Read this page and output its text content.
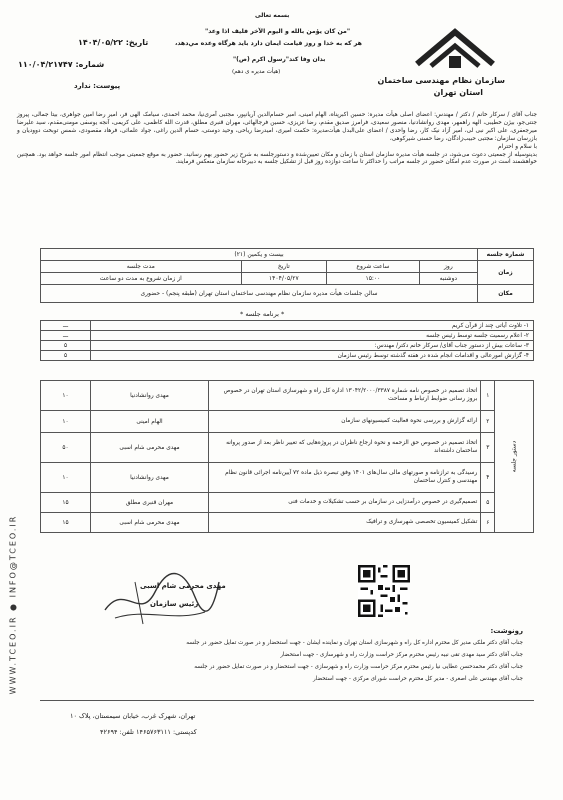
WWW.TCEO.IR ● INFO@TCEO.IR
سازمان نظام مهندسی ساختمان
استان تهران
بسمه تعالی
"من كان يؤمن بالله و اليوم الآخر فليف اذا وعد"
هر كه به خدا و روز قيامت ايمان دارد بايد هرگاه وعده مي‌دهد،
بدان وفا كند"رسول اكرم (ص)"
(هيأت مديره ی دهم)
تاریخ: ۱۴۰۴/۰۵/۲۲
شماره: ۱۱۰/۰۴/۲۱۷۴۷
پیوست: ندارد
جناب آقای / سرکار خانم / دکتر / مهندس: اعضای اصلی هیأت مدیره: حسین اکبرپناه، الهام امینی، امیر حسام‌الدین آریانپور، مجتبی آمری‌نیا، محمد احمدی، سیامک الهی فر، امیر رضا امین جواهری، بیتا جمالی، پیروز جنتی‌جو، بیژن خطیبی، الهه راهمهر، مهدی روانشادنیا، منصور سعیدی، فرامرز صدیق مقدم، رضا عزیزی، حسین فرجالهائی، مهران قنبری مطلق، قدرت الله کاظمی، علی کریمی، آنجه یوسفی مومنی‌مقدم، سید علیرضا میرجعفری، علی اکبر نبی لی، امیر آزاد نیک کار، رضا واحدی / اعضای علی‌البدل هیأت‌مدیره: حکمت امیری، امیدرضا ریاحی، وحید دوستی، حسام الدین راغی، جواد علمائی، فرهاد مقصودی، شمس توبخت دوودیان و بازرسان سازمان: مجتبی حبیب‌زادگان، رضا حسنی شیرکوهی،
با سلام و احترام
بدینوسیله از جمعیتی دعوت می‌شود، در جلسه هیأت مدیره سازمان استان با زمان و مکان تعیین‌شده و دستورجلسه به شرح زیر حضور بهم رسانید. حضور به موقع جمعیتی موجب انتظام امور جلسه خواهد بود. همچنین خواهشمند است در صورت عدم امکان حضور در جلسه مراتب را حداکثر تا ساعت دوازده روز قبل از تشکیل جلسه به دبیرخانه سازمان منعکس فرمایند.
شماره جلسه	بیست و یکمین (۲۱)			
زمان	روز	ساعت شروع	تاریخ	مدت جلسه
	دوشنبه	۱۵:۰۰	۱۴۰۴/۰۵/۲۷	از زمان شروع به مدت دو ساعت
مکان	سالن جلسات هیأت مدیره سازمان نظام مهندسی ساختمان استان تهران (طبقه پنجم) - حضوری			
* برنامه جلسه *
۱- تلاوت آیاتی چند از قرآن کریم	ـــ
۲- اعلام رسمیت جلسه توسط رئیس جلسه	ـــ
۳- ساعات بیش از دستور جناب آقای/ سرکار خانم دکتر/ مهندس:	۵
۴- گزارش امورعالی و اقدامات انجام شده در هفته گذشته توسط رئیس سازمان	۵
دستور جلسه	۱	اتخاذ تصمیم در خصوص نامه شماره ۱۳۰۴۲/۲۰۰۰/۳۳۸۷ اداره کل راه و شهرسازی استان تهران در خصوص بروز رسانی ضوابط ارتباط و مساحت	مهدی روانشادنیا	۱۰
	۲	ارائه گزارش و بررسی نحوه فعالیت کمیسیونهای سازمان	الهام امینی	۱۰
	۳	اتخاذ تصمیم در خصوص حق الزحمه و نحوه ارجاع ناظران در پروژه‌هایی که تغییر ناظر بعد از صدور پروانه ساختمان داشته‌اند	مهدی محرمی شام اسبی	۵۰
	۴	رسیدگی به ترازنامه و صورتهای مالی سال‌های ۱۴۰۱ وفق تبصره ذیل ماده ۷۲ آیین‌نامه اجرائی قانون نظام مهندسی و کنترل ساختمان	مهدی روانشادنیا	۱۰
	۵	تصمیم‌گیری در خصوص درآمدزایی در سازمان بر حسب تشکیلات و خدمات فنی	مهران قنبری مطلق	۱۵
	۶	تشکیل کمیسیون تخصصی شهرسازی و ترافیک	مهدی محرمی شام اسبی	۱۵
مهدی محرمی شام اسبی
رئیس سازمان
رونوشت:
جناب آقای دکتر ملکی مدیر کل محترم اداره کل راه و شهرسازی استان تهران و نماینده ایشان - جهت استحضار و در صورت تمایل حضور در جلسه
جناب آقای دکتر سید مهدی تقی نبیه رئیس محترم مرکز حراست وزارت راه و شهرسازی - جهت استحضار
جناب آقای دکتر محمدحسن عطایی نیا رئیس محترم مرکز حراست وزارت راه و شهرسازی - جهت استحضار و در صورت تمایل حضور در جلسه
جناب آقای مهندس علی اصغری - مدیر کل محترم حراست شورای مرکزی - جهت استحضار
تهران، شهرک غرب، خیابان سیمستان، پلاک ۱۰
کدپستی: ۱۴۶۵۷۶۳۱۱۱ تلفن: ۴۲۶۹۴
